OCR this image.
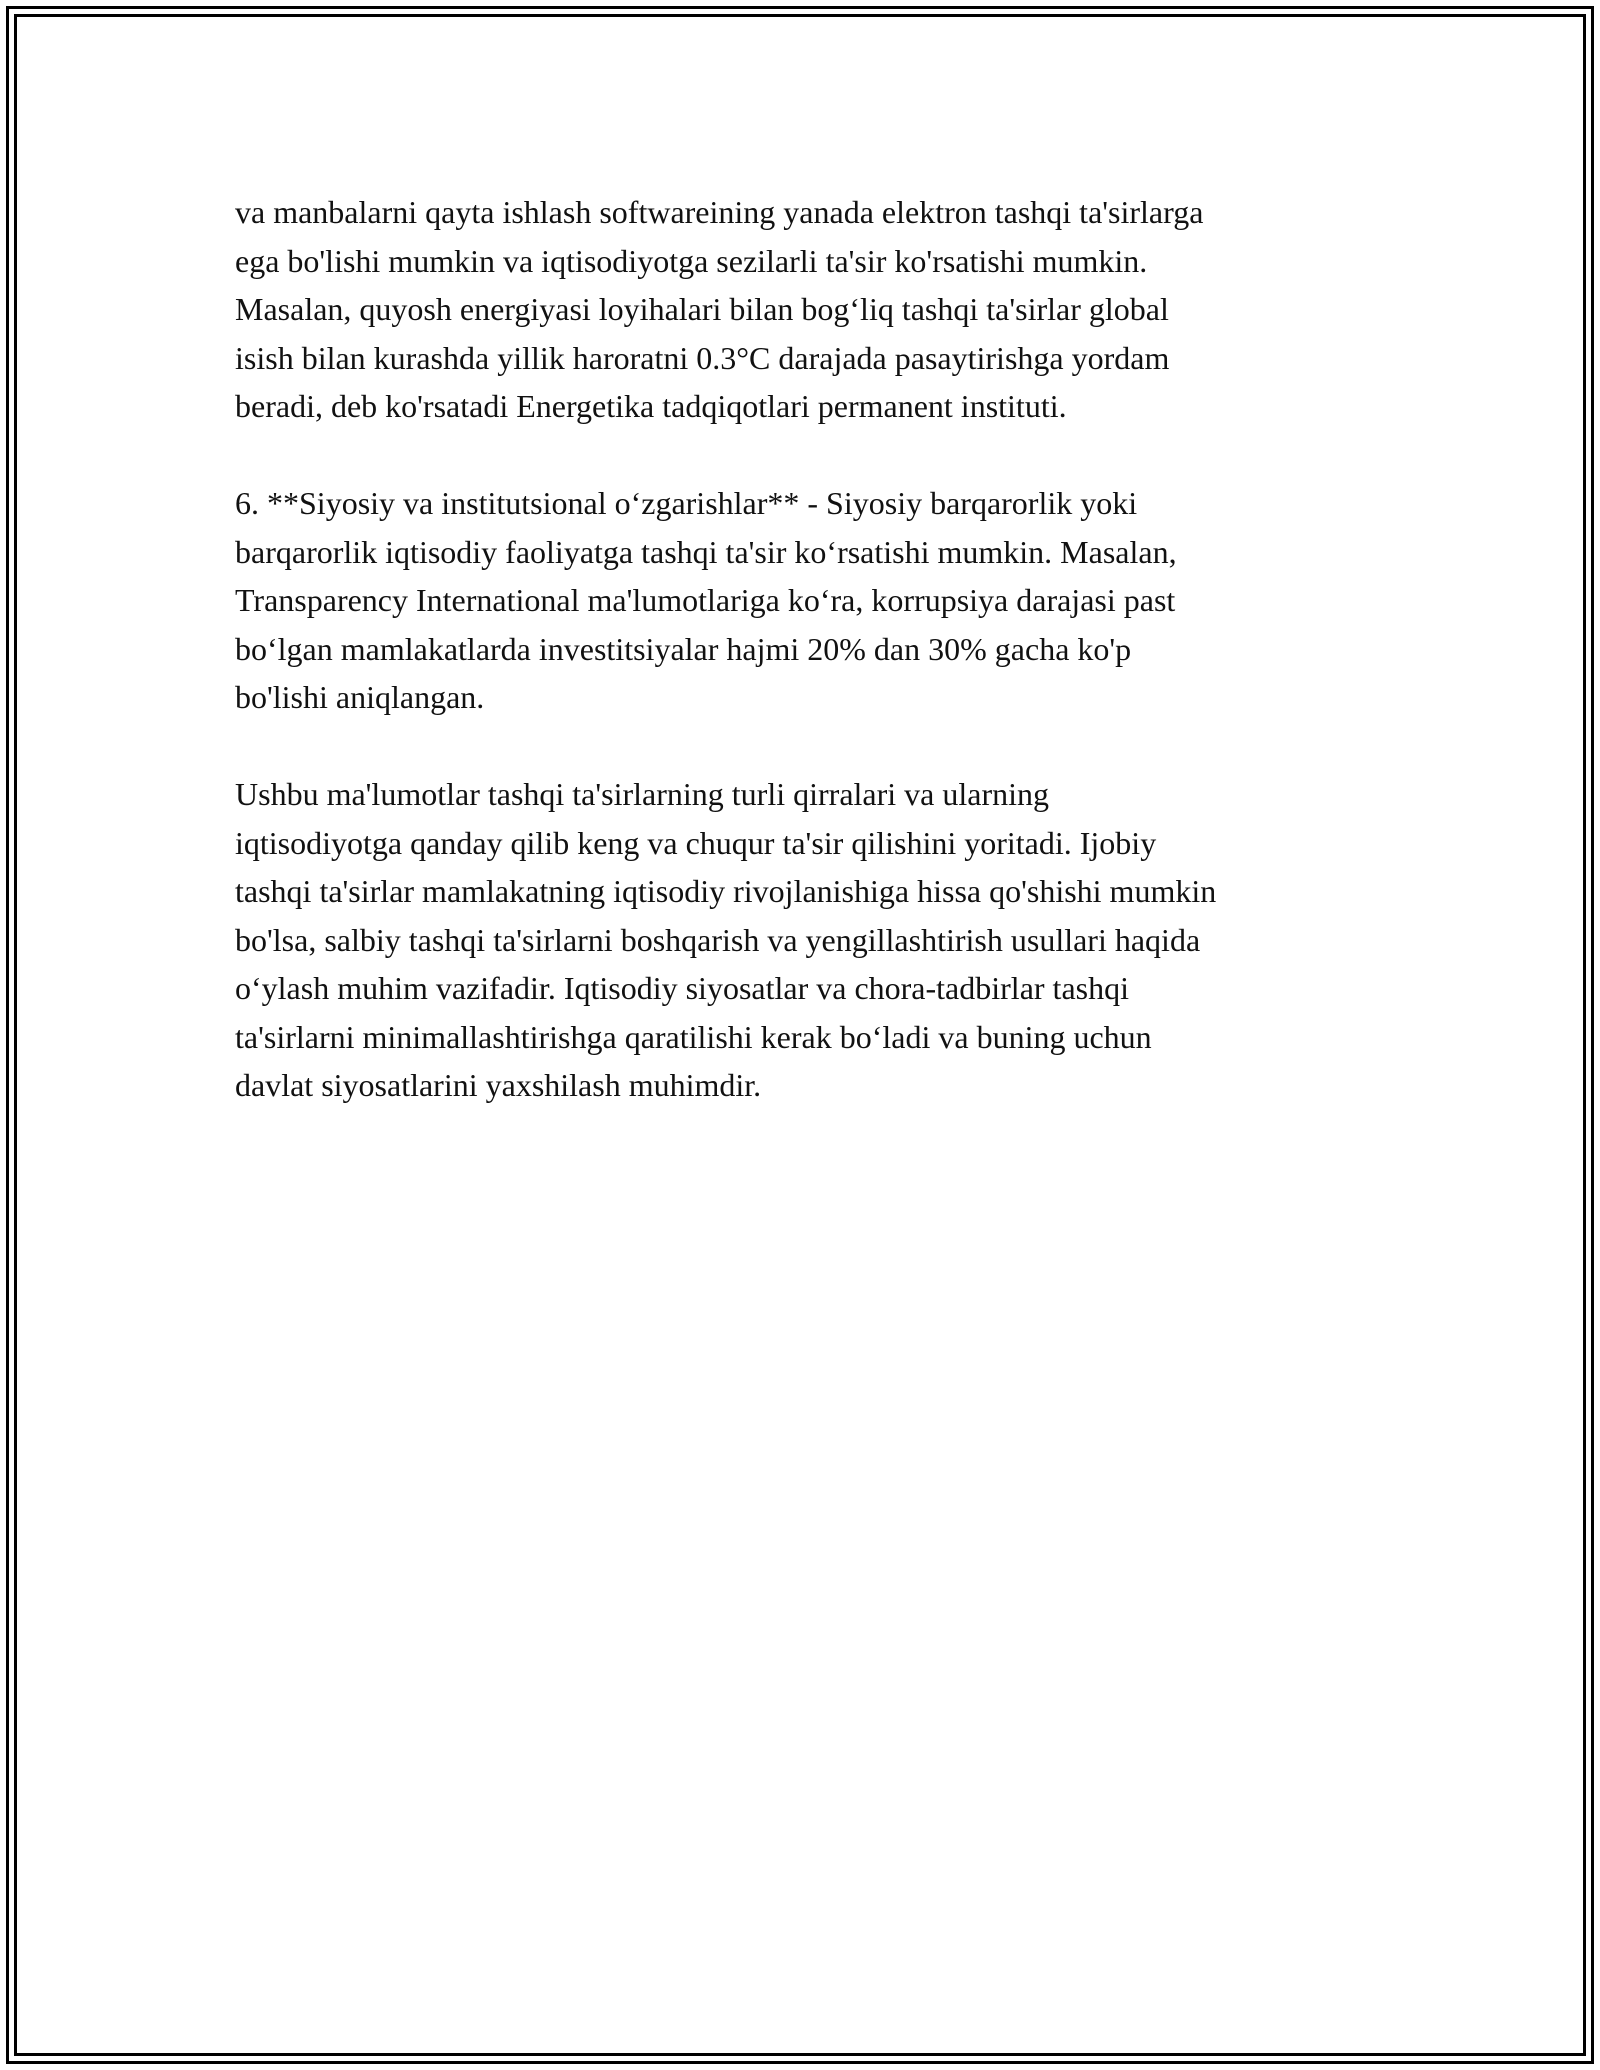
va manbalarni qayta ishlash softwareining yanada elektron tashqi ta'sirlarga
ega bo'lishi mumkin va iqtisodiyotga sezilarli ta'sir ko'rsatishi mumkin.
Masalan, quyosh energiyasi loyihalari bilan bog‘liq tashqi ta'sirlar global
isish bilan kurashda yillik haroratni 0.3°C darajada pasaytirishga yordam
beradi, deb ko'rsatadi Energetika tadqiqotlari permanent instituti.

6. **Siyosiy va institutsional o‘zgarishlar** - Siyosiy barqarorlik yoki
barqarorlik iqtisodiy faoliyatga tashqi ta'sir ko‘rsatishi mumkin. Masalan,
Transparency International ma'lumotlariga ko‘ra, korrupsiya darajasi past
bo‘lgan mamlakatlarda investitsiyalar hajmi 20% dan 30% gacha ko'p
bo'lishi aniqlangan.

Ushbu ma'lumotlar tashqi ta'sirlarning turli qirralari va ularning
iqtisodiyotga qanday qilib keng va chuqur ta'sir qilishini yoritadi. Ijobiy
tashqi ta'sirlar mamlakatning iqtisodiy rivojlanishiga hissa qo'shishi mumkin
bo'lsa, salbiy tashqi ta'sirlarni boshqarish va yengillashtirish usullari haqida
o‘ylash muhim vazifadir. Iqtisodiy siyosatlar va chora-tadbirlar tashqi
ta'sirlarni minimallashtirishga qaratilishi kerak bo‘ladi va buning uchun
davlat siyosatlarini yaxshilash muhimdir.
